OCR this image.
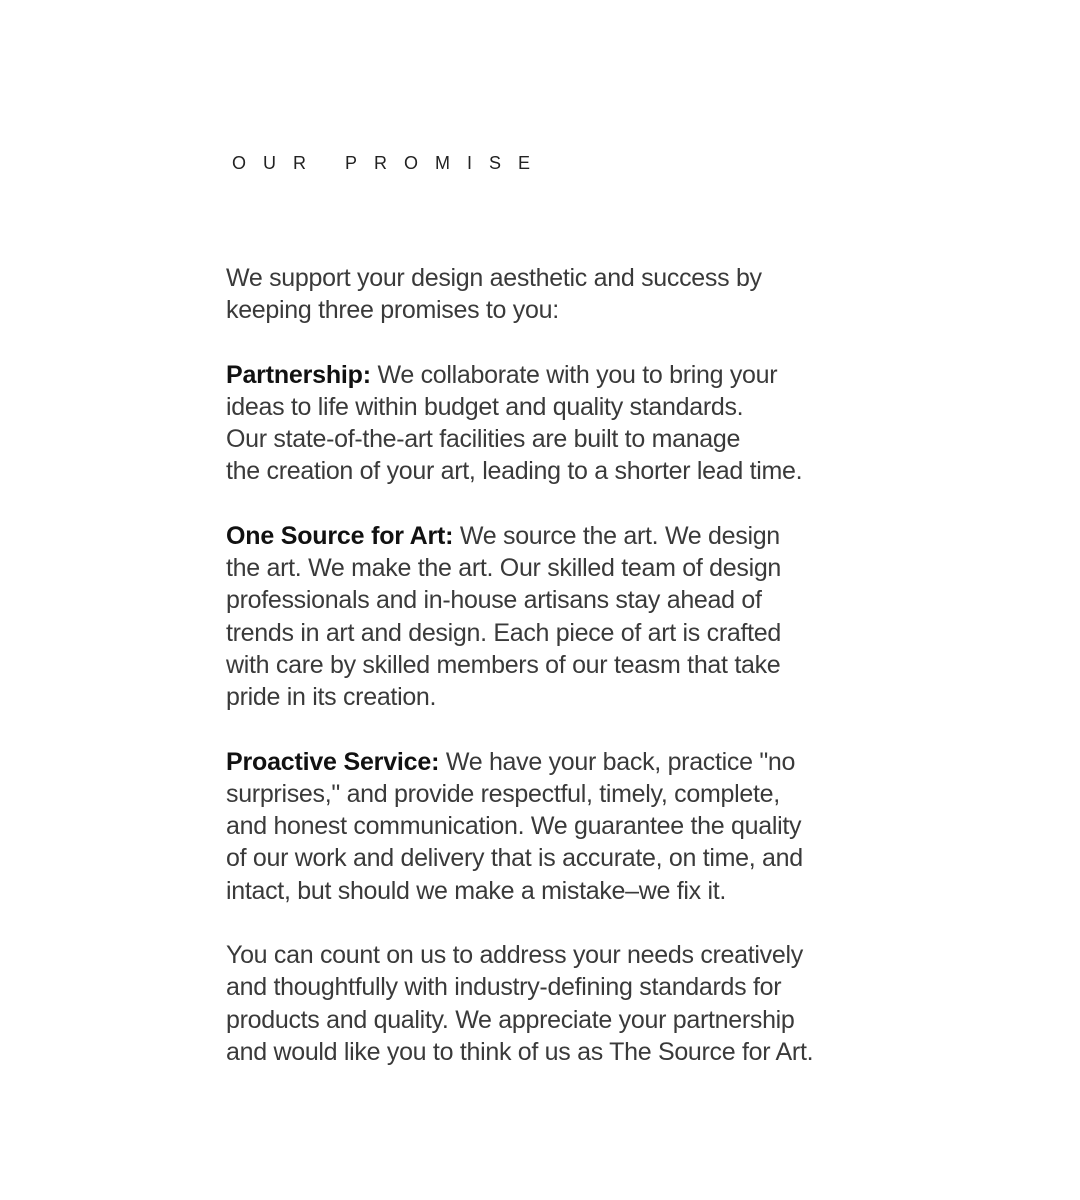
OUR PROMISE

We support your design aesthetic and success by
keeping three promises to you:

Partnership: We collaborate with you to bring your
ideas to life within budget and quality standards.
Our state-of-the-art facilities are built to manage
the creation of your art, leading to a shorter lead time.

One Source for Art: We source the art. We design
the art. We make the art. Our skilled team of design
professionals and in-house artisans stay ahead of
trends in art and design. Each piece of art is crafted
with care by skilled members of our teasm that take
pride in its creation.

Proactive Service: We have your back, practice "no
surprises," and provide respectful, timely, complete,
and honest communication. We guarantee the quality
of our work and delivery that is accurate, on time, and
intact, but should we make a mistake–we fix it.

You can count on us to address your needs creatively
and thoughtfully with industry-defining standards for
products and quality. We appreciate your partnership
and would like you to think of us as The Source for Art.
